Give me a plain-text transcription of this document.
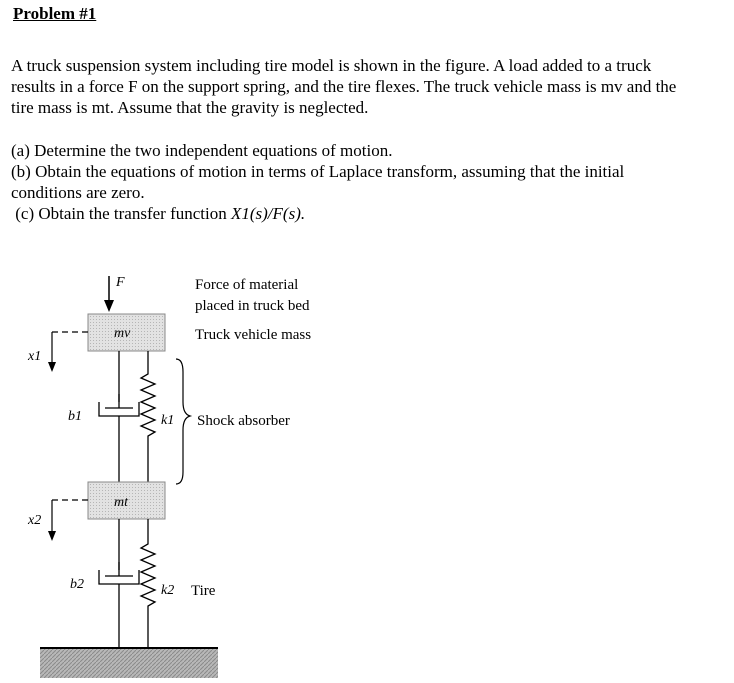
Problem #1

A truck suspension system including tire model is shown in the figure. A load added to a truck
results in a force F on the support spring, and the tire flexes. The truck vehicle mass is mv and the
tire mass is mt. Assume that the gravity is neglected.
(a) Determine the two independent equations of motion.
(b) Obtain the equations of motion in terms of Laplace transform, assuming that the initial
conditions are zero.
(c) Obtain the transfer function X1(s)/F(s).
F
mv
x1
b1	k1
mt
x2
b2	k2
Force of material
placed in truck bed
Truck vehicle mass
Shock absorber
Tire
